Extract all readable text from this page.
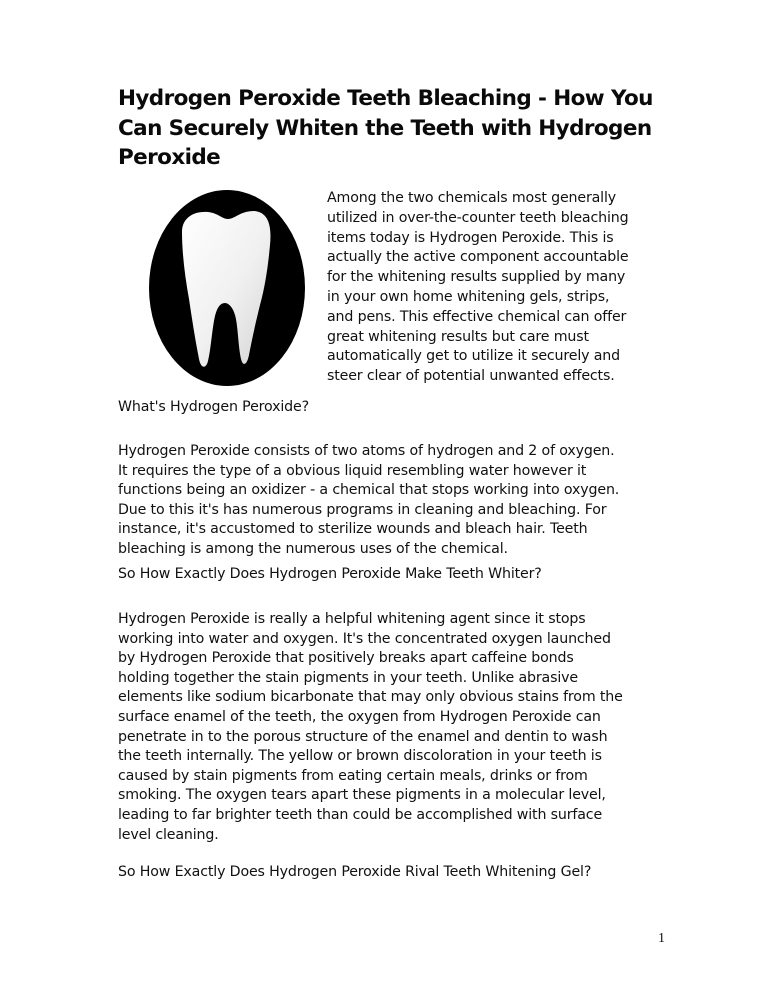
Hydrogen Peroxide Teeth Bleaching - How You
Can Securely Whiten the Teeth with Hydrogen
Peroxide
Among the two chemicals most generally
utilized in over-the-counter teeth bleaching
items today is Hydrogen Peroxide. This is
actually the active component accountable
for the whitening results supplied by many
in your own home whitening gels, strips,
and pens. This effective chemical can offer
great whitening results but care must
automatically get to utilize it securely and
steer clear of potential unwanted effects.
What's Hydrogen Peroxide?
Hydrogen Peroxide consists of two atoms of hydrogen and 2 of oxygen.
It requires the type of a obvious liquid resembling water however it
functions being an oxidizer - a chemical that stops working into oxygen.
Due to this it's has numerous programs in cleaning and bleaching. For
instance, it's accustomed to sterilize wounds and bleach hair. Teeth
bleaching is among the numerous uses of the chemical.
So How Exactly Does Hydrogen Peroxide Make Teeth Whiter?
Hydrogen Peroxide is really a helpful whitening agent since it stops
working into water and oxygen. It's the concentrated oxygen launched
by Hydrogen Peroxide that positively breaks apart caffeine bonds
holding together the stain pigments in your teeth. Unlike abrasive
elements like sodium bicarbonate that may only obvious stains from the
surface enamel of the teeth, the oxygen from Hydrogen Peroxide can
penetrate in to the porous structure of the enamel and dentin to wash
the teeth internally. The yellow or brown discoloration in your teeth is
caused by stain pigments from eating certain meals, drinks or from
smoking. The oxygen tears apart these pigments in a molecular level,
leading to far brighter teeth than could be accomplished with surface
level cleaning.
So How Exactly Does Hydrogen Peroxide Rival Teeth Whitening Gel?
1
